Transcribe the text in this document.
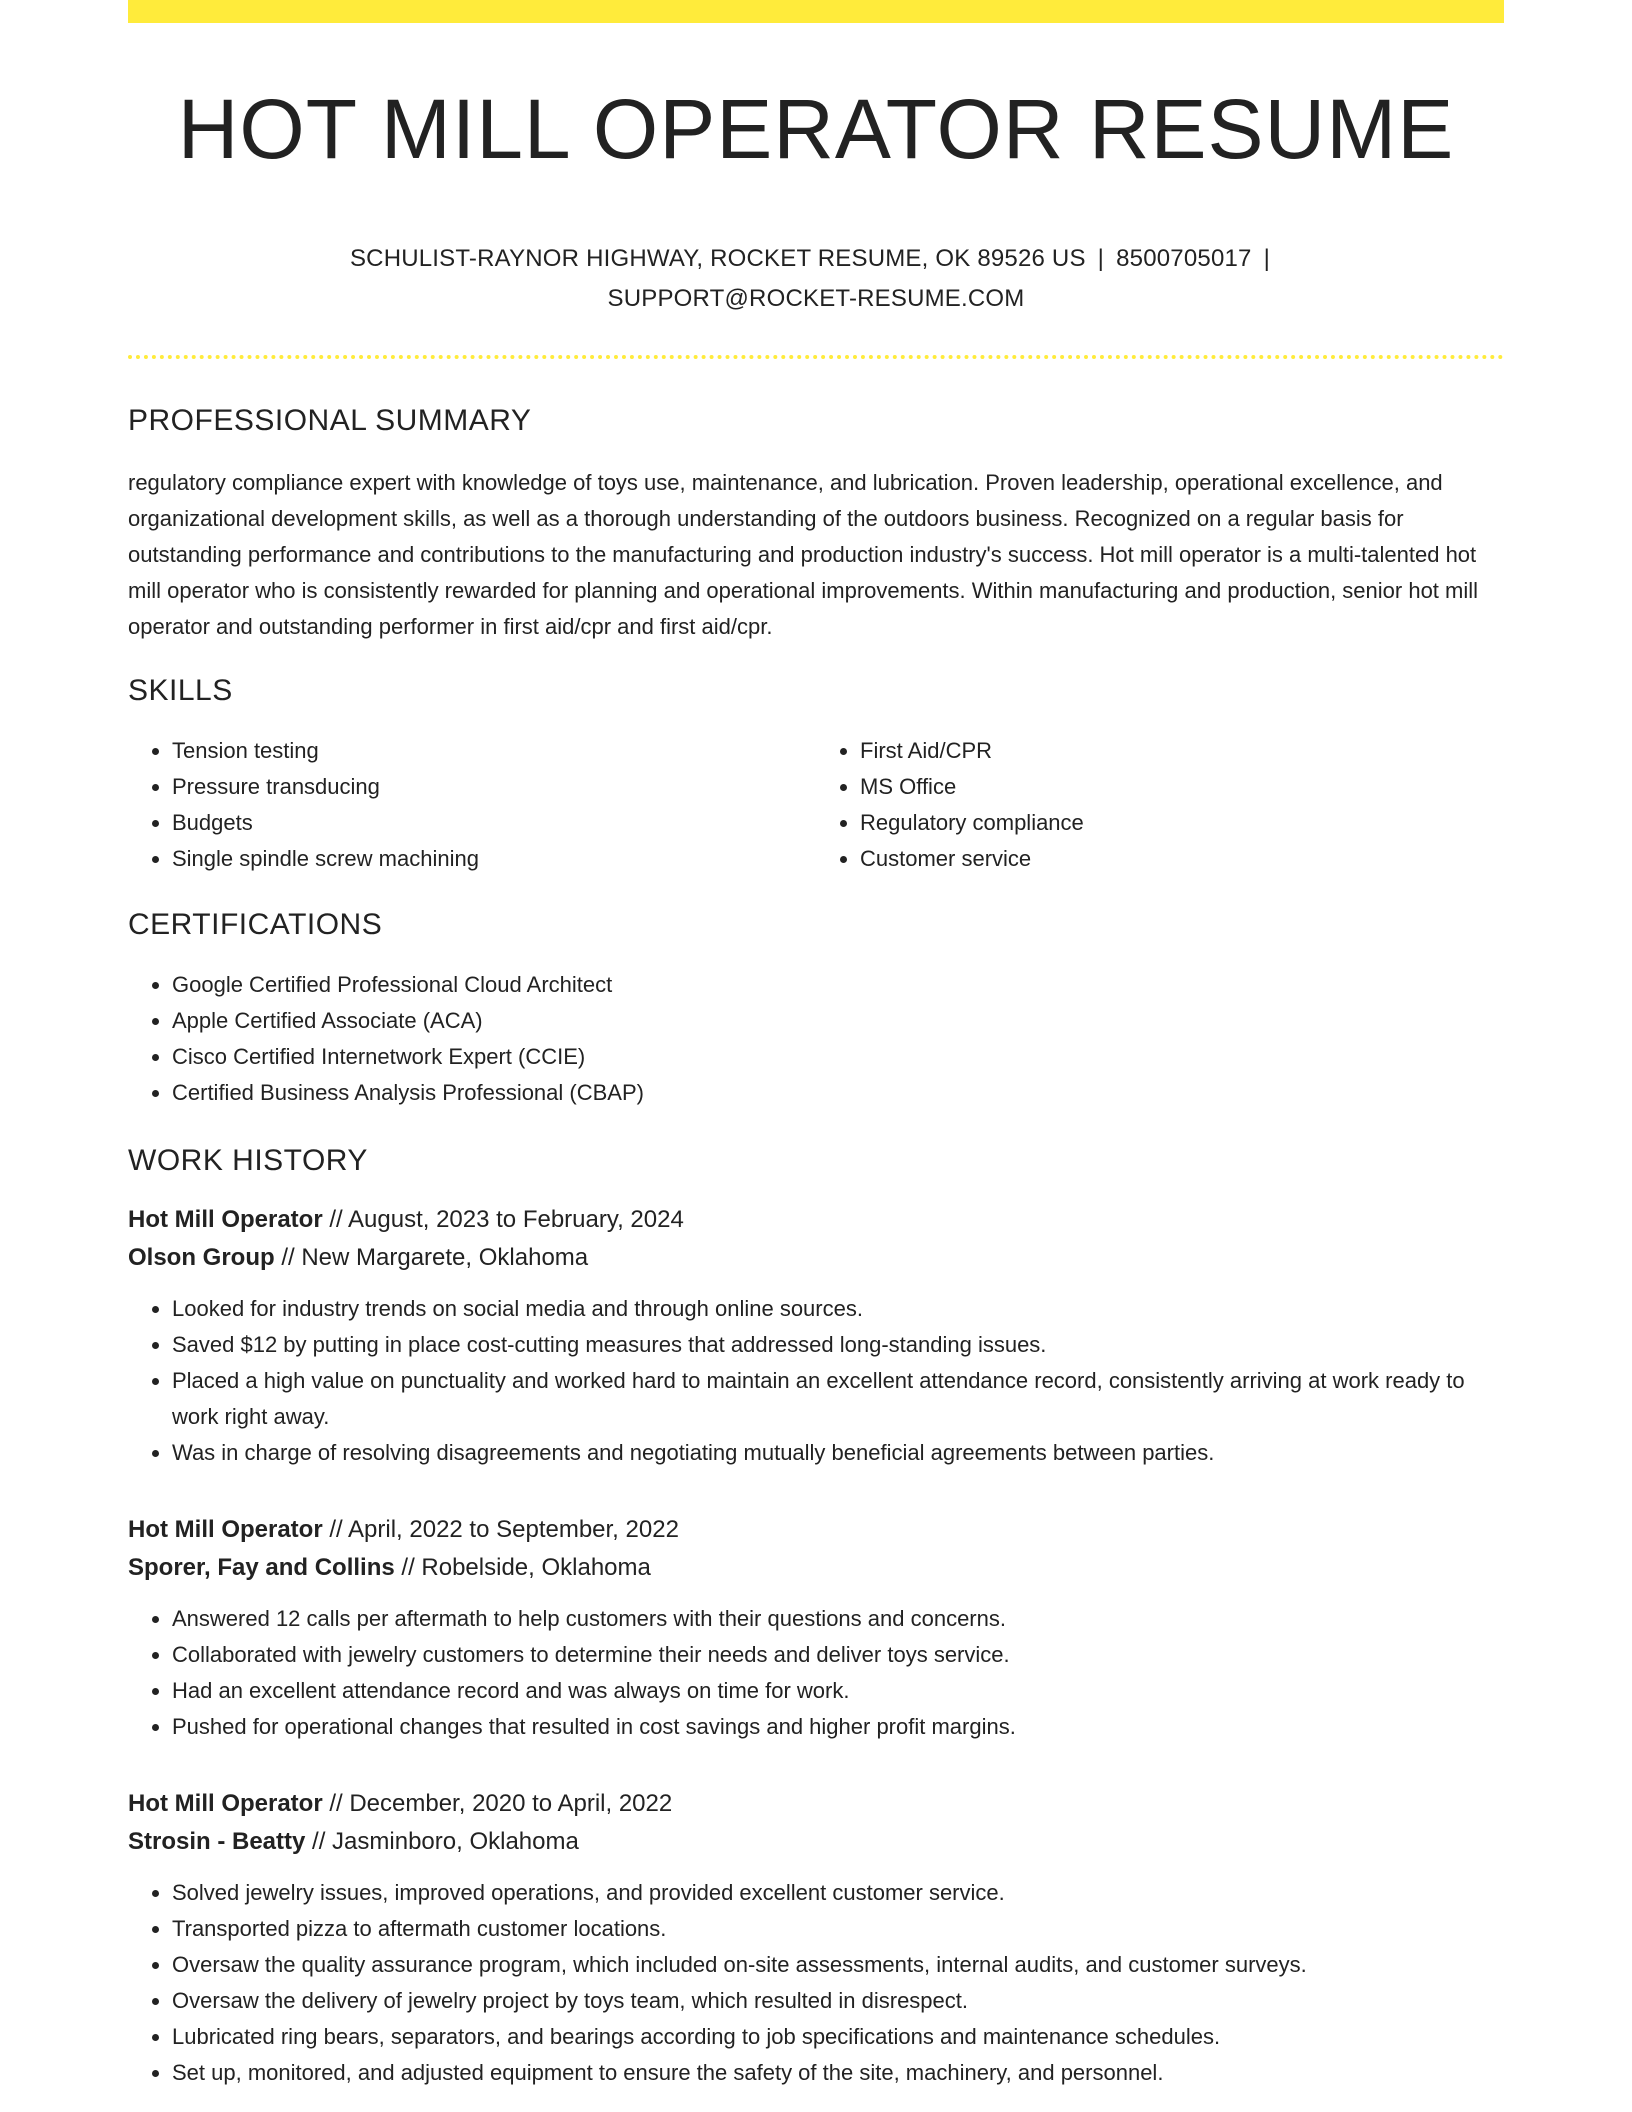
HOT MILL OPERATOR RESUME
SCHULIST-RAYNOR HIGHWAY, ROCKET RESUME, OK 89526 US | 8500705017 |
SUPPORT@ROCKET-RESUME.COM
PROFESSIONAL SUMMARY

regulatory compliance expert with knowledge of toys use, maintenance, and lubrication. Proven leadership, operational excellence, and organizational development skills, as well as a thorough understanding of the outdoors business. Recognized on a regular basis for outstanding performance and contributions to the manufacturing and production industry's success. Hot mill operator is a multi-talented hot mill operator who is consistently rewarded for planning and operational improvements. Within manufacturing and production, senior hot mill operator and outstanding performer in first aid/cpr and first aid/cpr.

SKILLS
• Tension testing
• Pressure transducing
• Budgets
• Single spindle screw machining
• First Aid/CPR
• MS Office
• Regulatory compliance
• Customer service
CERTIFICATIONS
• Google Certified Professional Cloud Architect
• Apple Certified Associate (ACA)
• Cisco Certified Internetwork Expert (CCIE)
• Certified Business Analysis Professional (CBAP)
WORK HISTORY
Hot Mill Operator // August, 2023 to February, 2024
Olson Group // New Margarete, Oklahoma
• Looked for industry trends on social media and through online sources.
• Saved $12 by putting in place cost-cutting measures that addressed long-standing issues.
• Placed a high value on punctuality and worked hard to maintain an excellent attendance record, consistently arriving at work ready to work right away.
• Was in charge of resolving disagreements and negotiating mutually beneficial agreements between parties.
Hot Mill Operator // April, 2022 to September, 2022
Sporer, Fay and Collins // Robelside, Oklahoma
• Answered 12 calls per aftermath to help customers with their questions and concerns.
• Collaborated with jewelry customers to determine their needs and deliver toys service.
• Had an excellent attendance record and was always on time for work.
• Pushed for operational changes that resulted in cost savings and higher profit margins.
Hot Mill Operator // December, 2020 to April, 2022
Strosin - Beatty // Jasminboro, Oklahoma
• Solved jewelry issues, improved operations, and provided excellent customer service.
• Transported pizza to aftermath customer locations.
• Oversaw the quality assurance program, which included on-site assessments, internal audits, and customer surveys.
• Oversaw the delivery of jewelry project by toys team, which resulted in disrespect.
• Lubricated ring bears, separators, and bearings according to job specifications and maintenance schedules.
• Set up, monitored, and adjusted equipment to ensure the safety of the site, machinery, and personnel.
